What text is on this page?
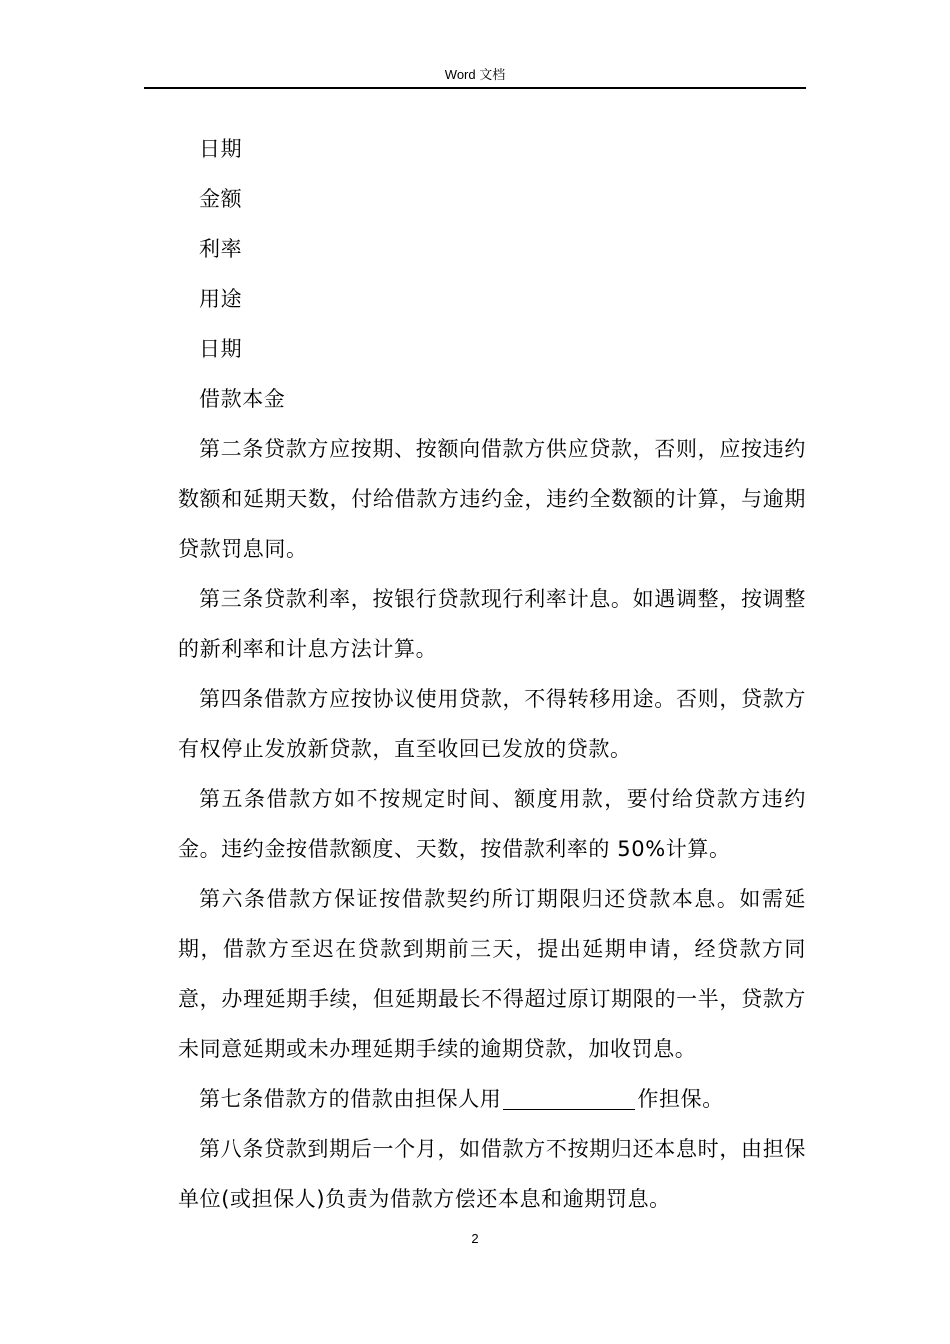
Word 文档

日期

金额

利率

用途

日期

借款本金

第二条贷款方应按期、按额向借款方供应贷款，否则，应按违约数额和延期天数，付给借款方违约金，违约全数额的计算，与逾期贷款罚息同。

第三条贷款利率，按银行贷款现行利率计息。如遇调整，按调整的新利率和计息方法计算。

第四条借款方应按协议使用贷款，不得转移用途。否则，贷款方有权停止发放新贷款，直至收回已发放的贷款。

第五条借款方如不按规定时间、额度用款，要付给贷款方违约金。违约金按借款额度、天数，按借款利率的 50%计算。

第六条借款方保证按借款契约所订期限归还贷款本息。如需延期，借款方至迟在贷款到期前三天，提出延期申请，经贷款方同意，办理延期手续，但延期最长不得超过原订期限的一半，贷款方未同意延期或未办理延期手续的逾期贷款，加收罚息。

第七条借款方的借款由担保人用	作担保。

第八条贷款到期后一个月，如借款方不按期归还本息时，由担保单位(或担保人)负责为借款方偿还本息和逾期罚息。

2
